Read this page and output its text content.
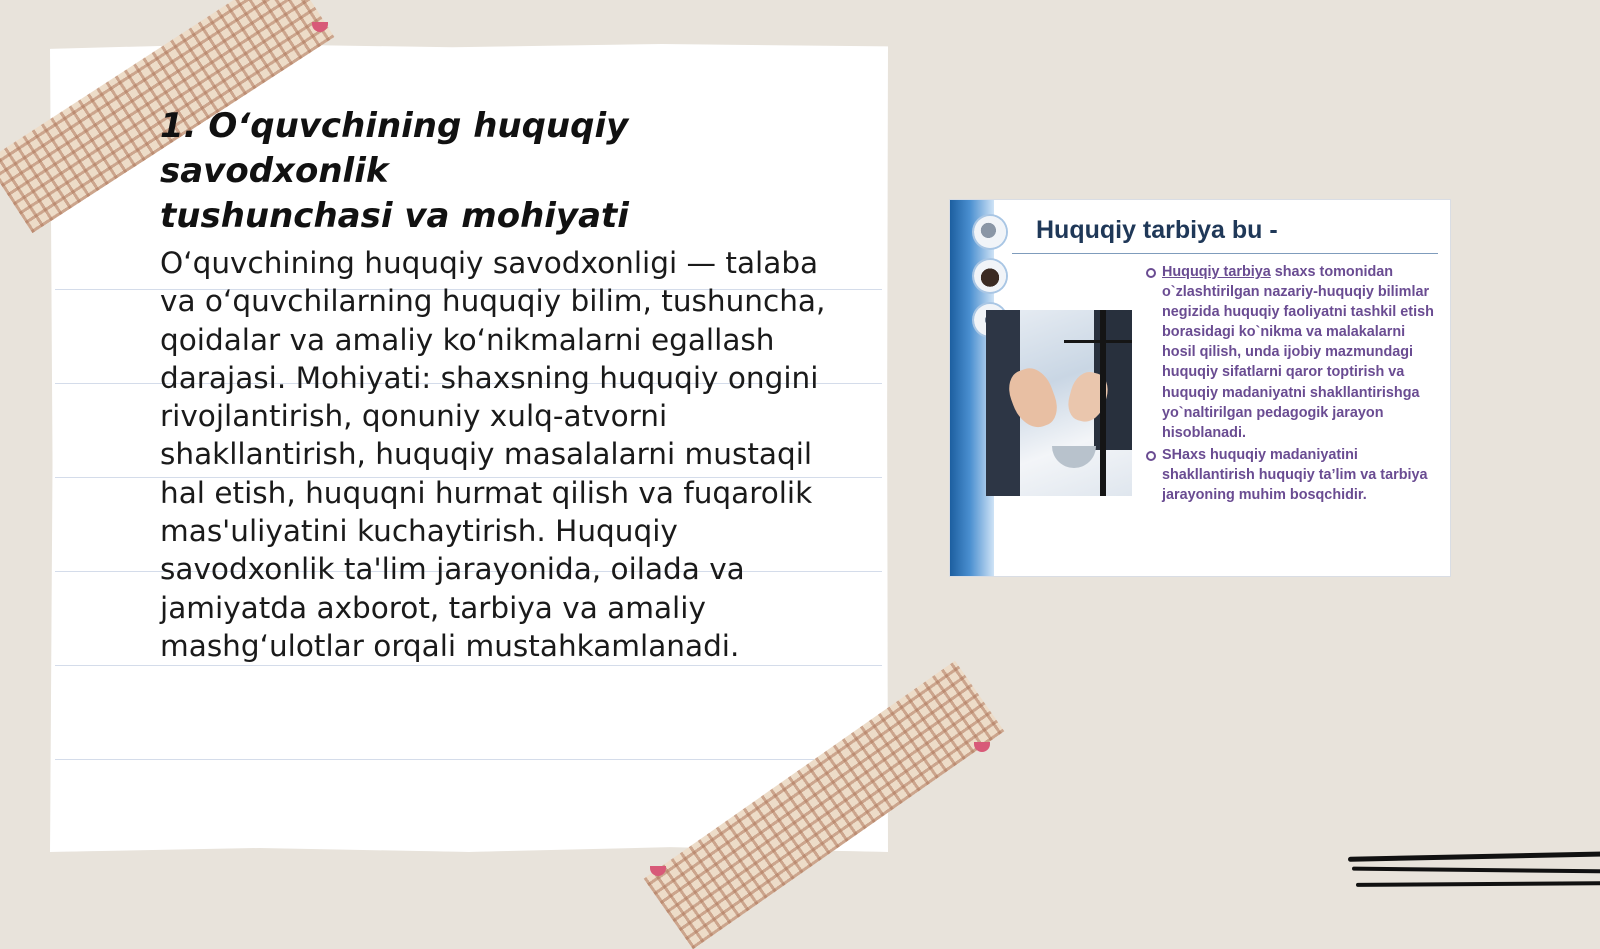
1. O‘quvchining huquqiy savodxonlik
tushunchasi va mohiyati

O‘quvchining huquqiy savodxonligi — talaba va o‘quvchilarning huquqiy bilim, tushuncha, qoidalar va amaliy ko‘nikmalarni egallash darajasi. Mohiyati: shaxsning huquqiy ongini rivojlantirish, qonuniy xulq-atvorni shakllantirish, huquqiy masalalarni mustaqil hal etish, huquqni hurmat qilish va fuqarolik mas'uliyatini kuchaytirish. Huquqiy savodxonlik ta'lim jarayonida, oilada va jamiyatda axborot, tarbiya va amaliy mashg‘ulotlar orqali mustahkamlanadi.

Huquqiy tarbiya bu -
Huquqiy tarbiya shaxs tomonidan o`zlashtirilgan nazariy-huquqiy bilimlar negizida huquqiy faoliyatni tashkil etish borasidagi ko`nikma va malakalarni hosil qilish, unda ijobiy mazmundagi huquqiy sifatlarni qaror toptirish va huquqiy madaniyatni shakllantirishga yo`naltirilgan pedagogik jarayon hisoblanadi.
SHaxs huquqiy madaniyatini shakllantirish huquqiy ta’lim va tarbiya jarayoning muhim bosqchidir.
